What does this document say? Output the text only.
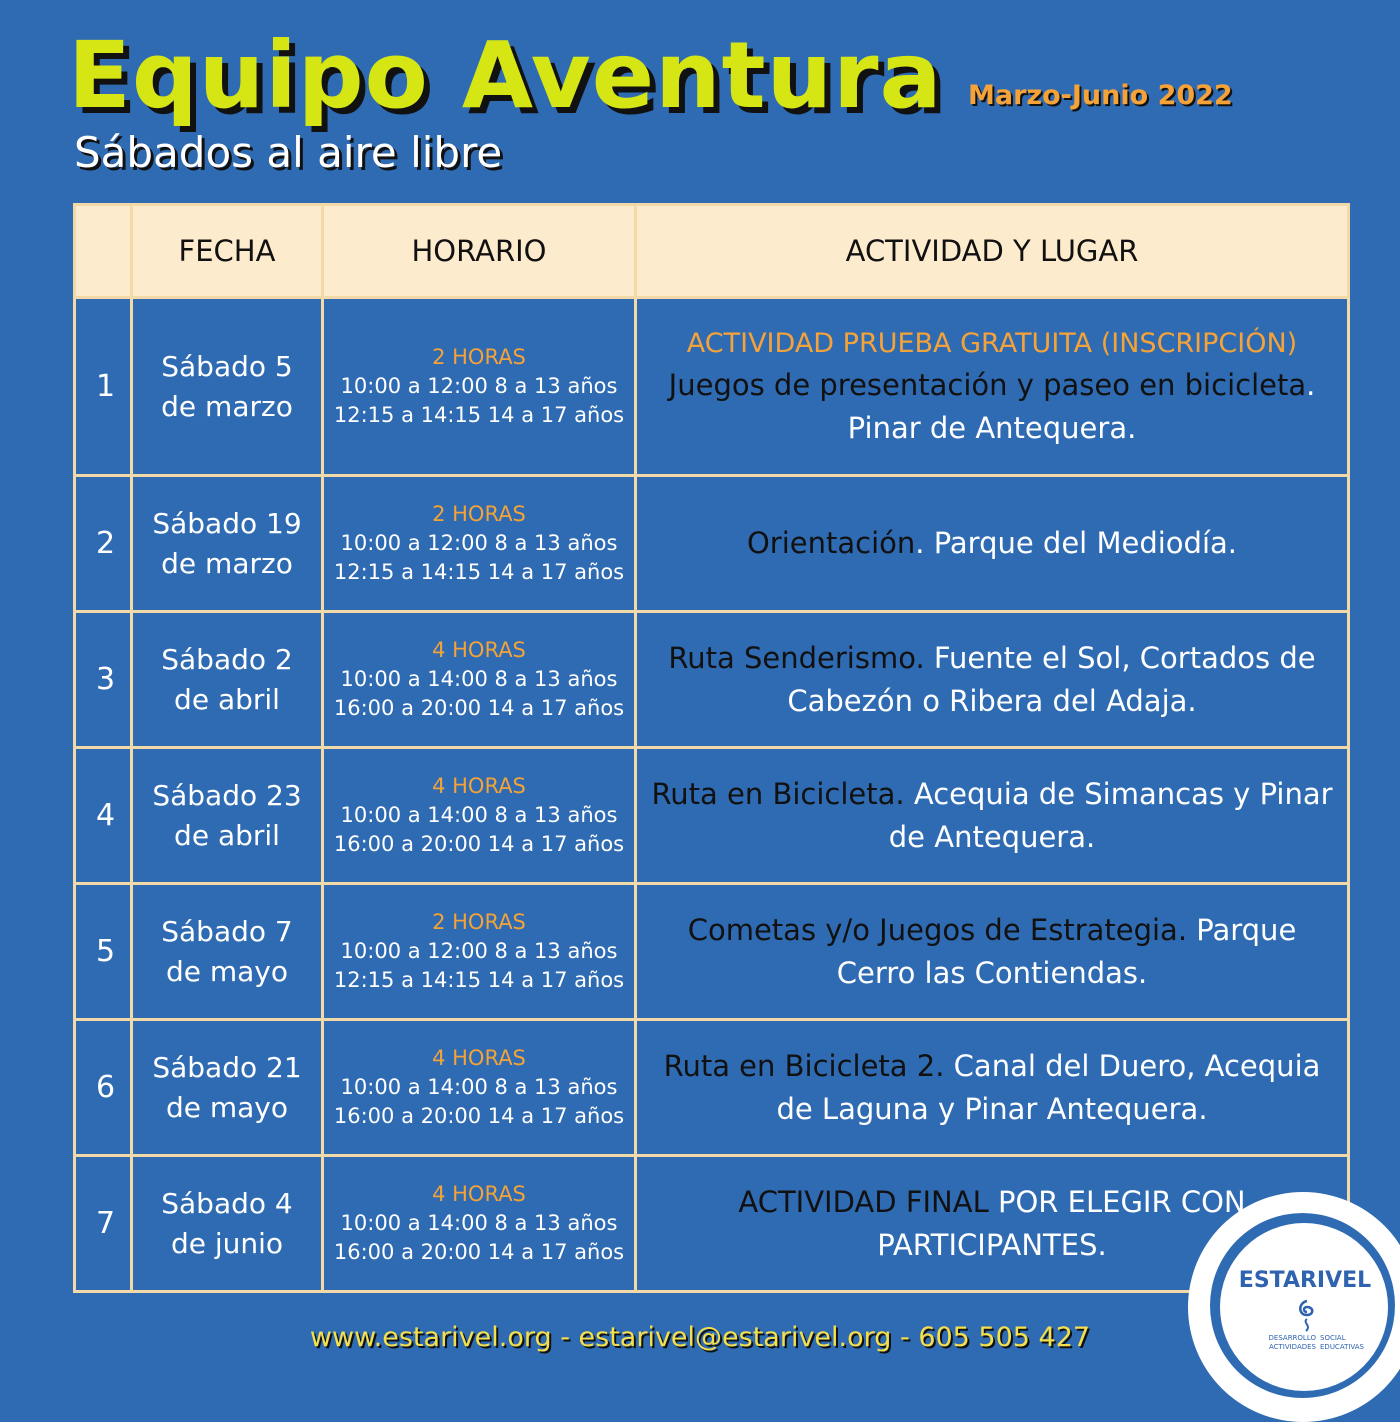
Equipo Aventura Marzo-Junio 2022
Sábados al aire libre
	FECHA	HORARIO	ACTIVIDAD Y LUGAR
1	Sábado 5 de marzo	2 HORAS
10:00 a 12:00 8 a 13 años
12:15 a 14:15 14 a 17 años	ACTIVIDAD PRUEBA GRATUITA (INSCRIPCIÓN)
Juegos de presentación y paseo en bicicleta. Pinar de Antequera.
2	Sábado 19 de marzo	2 HORAS
10:00 a 12:00 8 a 13 años
12:15 a 14:15 14 a 17 años	Orientación. Parque del Mediodía.
3	Sábado 2 de abril	4 HORAS
10:00 a 14:00 8 a 13 años
16:00 a 20:00 14 a 17 años	Ruta Senderismo. Fuente el Sol, Cortados de Cabezón o Ribera del Adaja.
4	Sábado 23 de abril	4 HORAS
10:00 a 14:00 8 a 13 años
16:00 a 20:00 14 a 17 años	Ruta en Bicicleta. Acequia de Simancas y Pinar de Antequera.
5	Sábado 7 de mayo	2 HORAS
10:00 a 12:00 8 a 13 años
12:15 a 14:15 14 a 17 años	Cometas y/o Juegos de Estrategia. Parque Cerro las Contiendas.
6	Sábado 21 de mayo	4 HORAS
10:00 a 14:00 8 a 13 años
16:00 a 20:00 14 a 17 años	Ruta en Bicicleta 2. Canal del Duero, Acequia de Laguna y Pinar Antequera.
7	Sábado 4 de junio	4 HORAS
10:00 a 14:00 8 a 13 años
16:00 a 20:00 14 a 17 años	ACTIVIDAD FINAL POR ELEGIR CON PARTICIPANTES.
www.estarivel.org - estarivel@estarivel.org - 605 505 427
ESTARIVEL
DESARROLLO ACTIVIDADES
SOCIAL EDUCATIVAS
